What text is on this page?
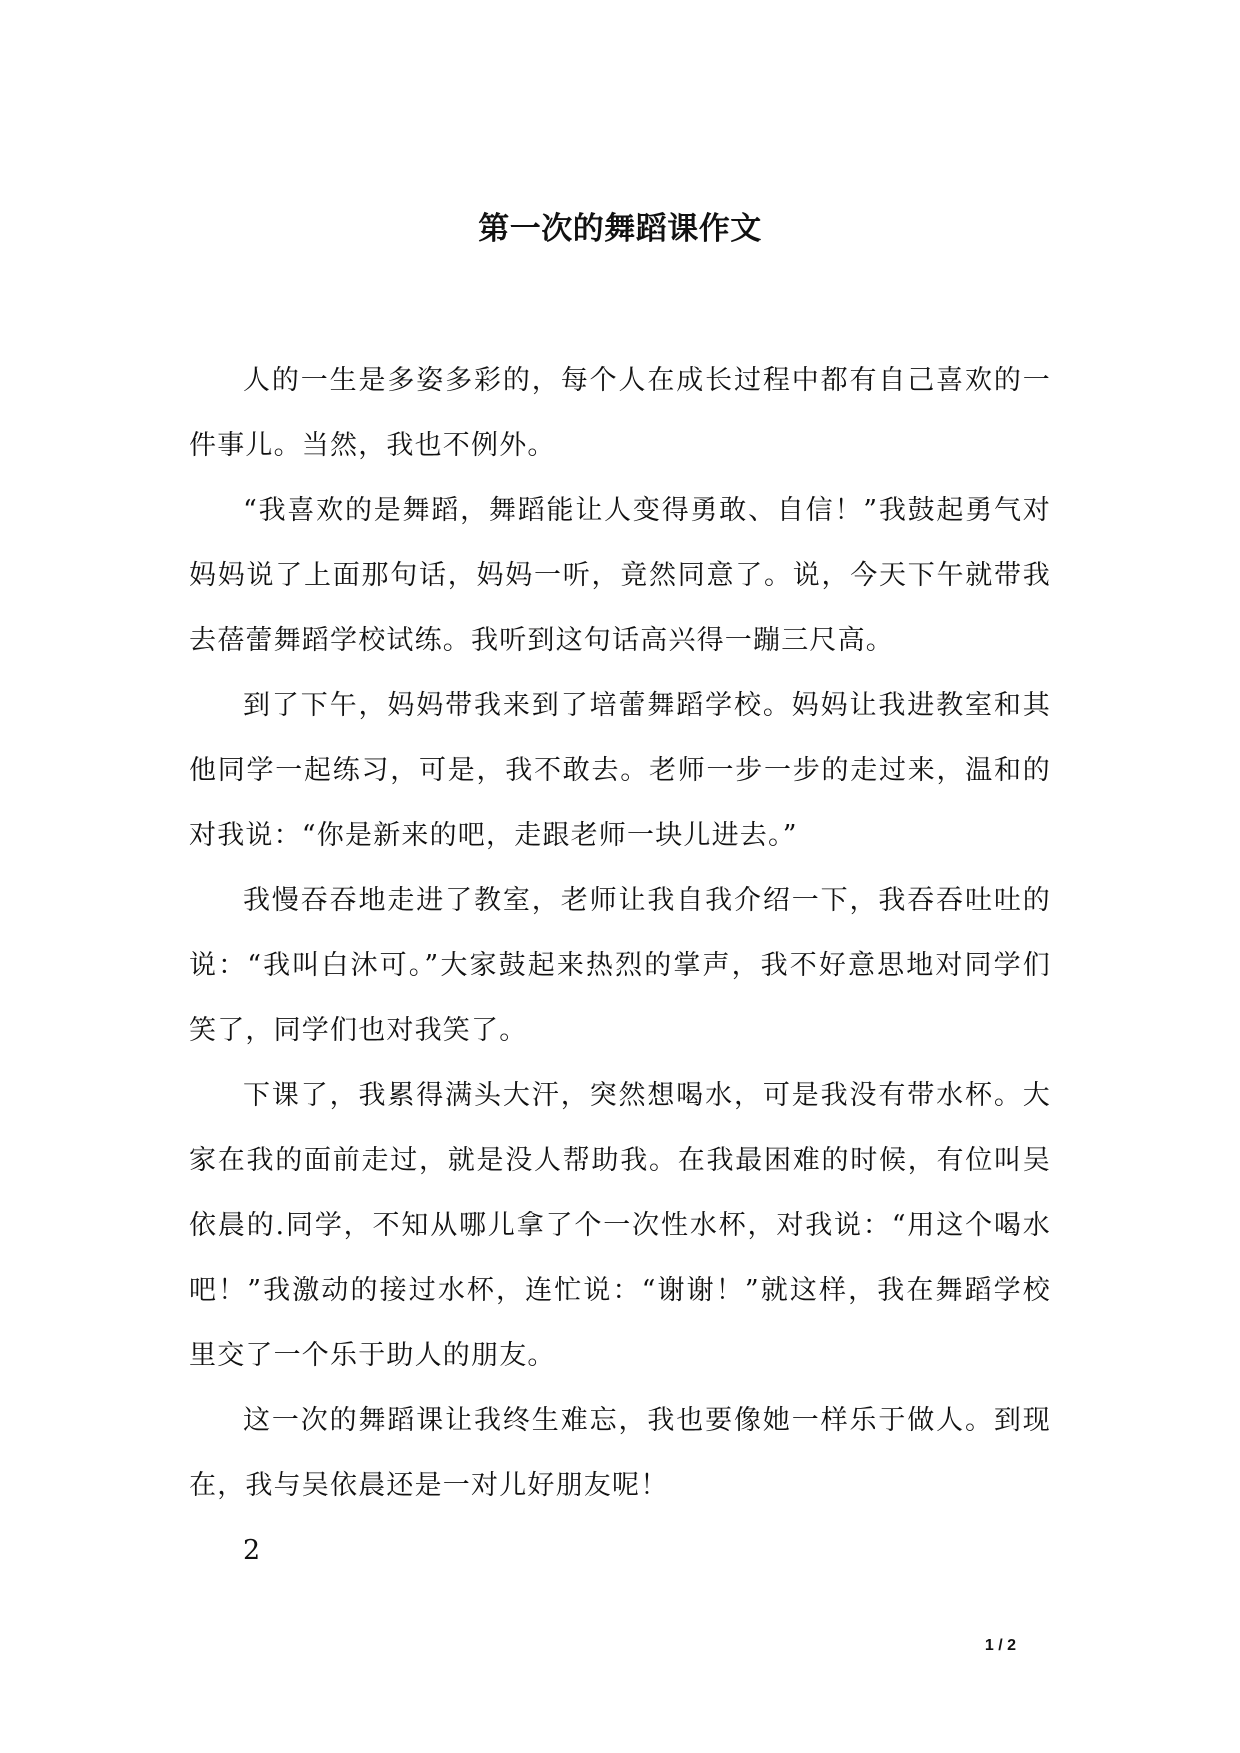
第一次的舞蹈课作文

人的一生是多姿多彩的，每个人在成长过程中都有自己喜欢的一件事儿。当然，我也不例外。

“我喜欢的是舞蹈，舞蹈能让人变得勇敢、自信！”我鼓起勇气对妈妈说了上面那句话，妈妈一听，竟然同意了。说，今天下午就带我去蓓蕾舞蹈学校试练。我听到这句话高兴得一蹦三尺高。

到了下午，妈妈带我来到了培蕾舞蹈学校。妈妈让我进教室和其他同学一起练习，可是，我不敢去。老师一步一步的走过来，温和的对我说：“你是新来的吧，走跟老师一块儿进去。”

我慢吞吞地走进了教室，老师让我自我介绍一下，我吞吞吐吐的说：“我叫白沐可。”大家鼓起来热烈的掌声，我不好意思地对同学们笑了，同学们也对我笑了。

下课了，我累得满头大汗，突然想喝水，可是我没有带水杯。大家在我的面前走过，就是没人帮助我。在我最困难的时候，有位叫吴依晨的.同学，不知从哪儿拿了个一次性水杯，对我说：“用这个喝水吧！”我激动的接过水杯，连忙说：“谢谢！”就这样，我在舞蹈学校里交了一个乐于助人的朋友。

这一次的舞蹈课让我终生难忘，我也要像她一样乐于做人。到现在，我与吴依晨还是一对儿好朋友呢！

2

1 / 2
